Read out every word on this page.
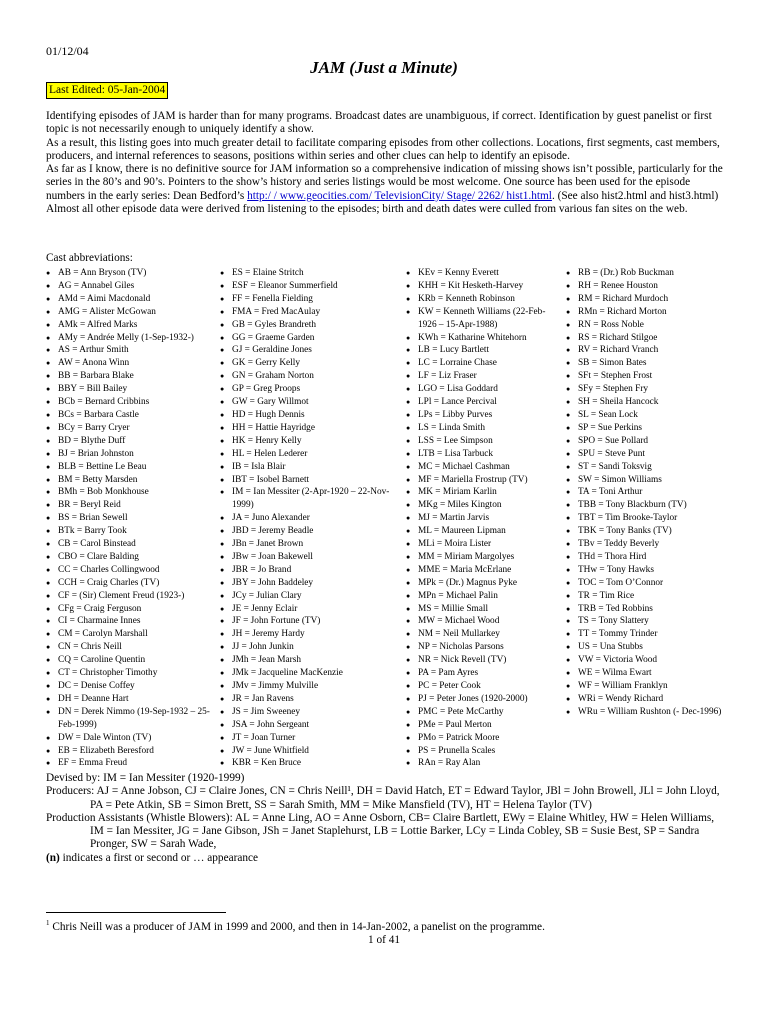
01/12/04
JAM (Just a Minute)
Last Edited: 05-Jan-2004

Identifying episodes of JAM is harder than for many programs. Broadcast dates are unambiguous, if correct. Identification by guest panelist or first topic is not necessarily enough to uniquely identify a show.

As a result, this listing goes into much greater detail to facilitate comparing episodes from other collections. Locations, first segments, cast members, producers, and internal references to seasons, positions within series and other clues can help to identify an episode.

As far as I know, there is no definitive source for JAM information so a comprehensive indication of missing shows isn’t possible, particularly for the series in the 80’s and 90’s. Pointers to the show’s history and series listings would be most welcome. One source has been used for the episode numbers in the early series: Dean Bedford’s http:/ / www.geocities.com/ TelevisionCity/ Stage/ 2262/ hist1.html. (See also hist2.html and hist3.html) Almost all other episode data were derived from listening to the episodes; birth and death dates were culled from various fan sites on the web.

Cast abbreviations:
● AB = Ann Bryson (TV)
● AG = Annabel Giles
● AMd = Aimi Macdonald
● AMG = Alister McGowan
● AMk = Alfred Marks
● AMy = Andrée Melly (1-Sep-1932-)
● AS = Arthur Smith
● AW = Anona Winn
● BB = Barbara Blake
● BBY = Bill Bailey
● BCb = Bernard Cribbins
● BCs = Barbara Castle
● BCy = Barry Cryer
● BD = Blythe Duff
● BJ = Brian Johnston
● BLB = Bettine Le Beau
● BM = Betty Marsden
● BMh = Bob Monkhouse
● BR = Beryl Reid
● BS = Brian Sewell
● BTk = Barry Took
● CB = Carol Binstead
● CBO = Clare Balding
● CC = Charles Collingwood
● CCH = Craig Charles (TV)
● CF = (Sir) Clement Freud (1923-)
● CFg = Craig Ferguson
● CI = Charmaine Innes
● CM = Carolyn Marshall
● CN = Chris Neill
● CQ = Caroline Quentin
● CT = Christopher Timothy
● DC = Denise Coffey
● DH = Deanne Hart
● DN = Derek Nimmo (19-Sep-1932 – 25-Feb-1999)
● DW = Dale Winton (TV)
● EB = Elizabeth Beresford
● EF = Emma Freud
● ES = Elaine Stritch
● ESF = Eleanor Summerfield
● FF = Fenella Fielding
● FMA = Fred MacAulay
● GB = Gyles Brandreth
● GG = Graeme Garden
● GJ = Geraldine Jones
● GK = Gerry Kelly
● GN = Graham Norton
● GP = Greg Proops
● GW = Gary Willmot
● HD = Hugh Dennis
● HH = Hattie Hayridge
● HK = Henry Kelly
● HL = Helen Lederer
● IB = Isla Blair
● IBT = Isobel Barnett
● IM = Ian Messiter (2-Apr-1920 – 22-Nov-1999)
● JA = Juno Alexander
● JBD = Jeremy Beadle
● JBn = Janet Brown
● JBw = Joan Bakewell
● JBR = Jo Brand
● JBY = John Baddeley
● JCy = Julian Clary
● JE = Jenny Eclair
● JF = John Fortune (TV)
● JH = Jeremy Hardy
● JJ = John Junkin
● JMh = Jean Marsh
● JMk = Jacqueline MacKenzie
● JMv = Jimmy Mulville
● JR = Jan Ravens
● JS = Jim Sweeney
● JSA = John Sergeant
● JT = Joan Turner
● JW = June Whitfield
● KBR = Ken Bruce
● KEv = Kenny Everett
● KHH = Kit Hesketh-Harvey
● KRb = Kenneth Robinson
● KW = Kenneth Williams (22-Feb-1926 – 15-Apr-1988)
● KWh = Katharine Whitehorn
● LB = Lucy Bartlett
● LC = Lorraine Chase
● LF = Liz Fraser
● LGO = Lisa Goddard
● LPl = Lance Percival
● LPs = Libby Purves
● LS = Linda Smith
● LSS = Lee Simpson
● LTB = Lisa Tarbuck
● MC = Michael Cashman
● MF = Mariella Frostrup (TV)
● MK = Miriam Karlin
● MKg = Miles Kington
● MJ = Martin Jarvis
● ML = Maureen Lipman
● MLi = Moira Lister
● MM = Miriam Margolyes
● MME = Maria McErlane
● MPk = (Dr.) Magnus Pyke
● MPn = Michael Palin
● MS = Millie Small
● MW = Michael Wood
● NM = Neil Mullarkey
● NP = Nicholas Parsons
● NR = Nick Revell (TV)
● PA = Pam Ayres
● PC = Peter Cook
● PJ = Peter Jones (1920-2000)
● PMC = Pete McCarthy
● PMe = Paul Merton
● PMo = Patrick Moore
● PS = Prunella Scales
● RAn = Ray Alan
● RB = (Dr.) Rob Buckman
● RH = Renee Houston
● RM = Richard Murdoch
● RMn = Richard Morton
● RN = Ross Noble
● RS = Richard Stilgoe
● RV = Richard Vranch
● SB = Simon Bates
● SFt = Stephen Frost
● SFy = Stephen Fry
● SH = Sheila Hancock
● SL = Sean Lock
● SP = Sue Perkins
● SPO = Sue Pollard
● SPU = Steve Punt
● ST = Sandi Toksvig
● SW = Simon Williams
● TA = Toni Arthur
● TBB = Tony Blackburn (TV)
● TBT = Tim Brooke-Taylor
● TBK = Tony Banks (TV)
● TBv = Teddy Beverly
● THd = Thora Hird
● THw = Tony Hawks
● TOC = Tom O’Connor
● TR = Tim Rice
● TRB = Ted Robbins
● TS = Tony Slattery
● TT = Tommy Trinder
● US = Una Stubbs
● VW = Victoria Wood
● WE = Wilma Ewart
● WF = William Franklyn
● WRi = Wendy Richard
● WRu = William Rushton (- Dec-1996)

Devised by: IM = Ian Messiter (1920-1999)

Producers: AJ = Anne Jobson, CJ = Claire Jones, CN = Chris Neill¹, DH = David Hatch, ET = Edward Taylor, JBl = John Browell, JLl = John Lloyd, PA = Pete Atkin, SB = Simon Brett, SS = Sarah Smith, MM = Mike Mansfield (TV), HT = Helena Taylor (TV)

Production Assistants (Whistle Blowers): AL = Anne Ling, AO = Anne Osborn, CB= Claire Bartlett, EWy = Elaine Whitley, HW = Helen Williams, IM = Ian Messiter, JG = Jane Gibson, JSh = Janet Staplehurst, LB = Lottie Barker, LCy = Linda Cobley, SB = Susie Best, SP = Sandra Pronger, SW = Sarah Wade,

(n) indicates a first or second or … appearance

$^1$ Chris Neill was a producer of JAM in 1999 and 2000, and then in 14-Jan-2002, a panelist on the programme.
1 of 41
